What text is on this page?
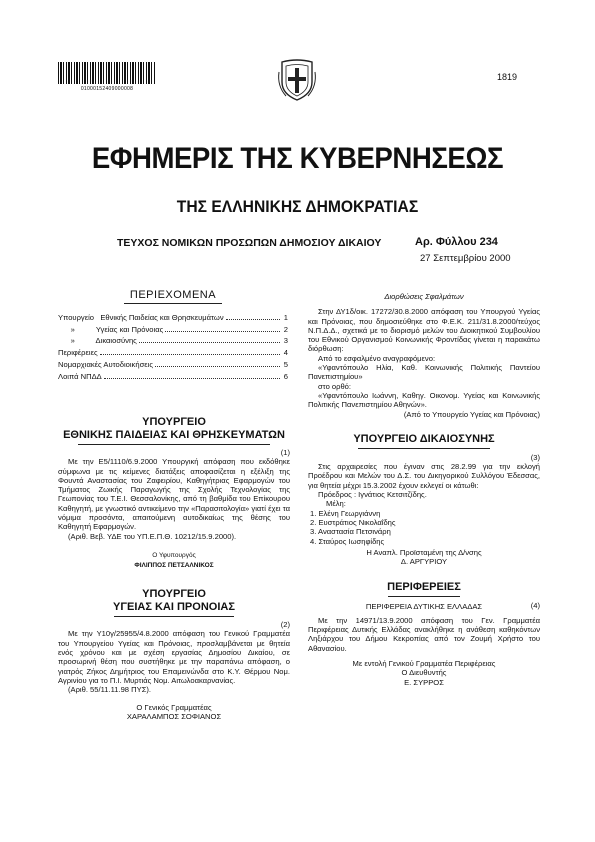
01000152409000008
1819
ΕΦΗΜΕΡΙΣ ΤΗΣ ΚΥΒΕΡΝΗΣΕΩΣ
ΤΗΣ ΕΛΛΗΝΙΚΗΣ ΔΗΜΟΚΡΑΤΙΑΣ
ΤΕΥΧΟΣ ΝΟΜΙΚΩΝ ΠΡΟΣΩΠΩΝ ΔΗΜΟΣΙΟΥ ΔΙΚΑΙΟΥ	Αρ. Φύλλου 234
27 Σεπτεμβρίου 2000
ΠΕΡΙΕΧΟΜΕΝΑ
Υπουργείο   Εθνικής Παιδείας και Θρησκευμάτων	1
»          Υγείας και Πρόνοιας	2
»          Δικαιοσύνης	3
Περιφέρειες	4
Νομαρχιακές Αυτοδιοικήσεις	5
Λοιπά ΝΠΔΔ	6
ΥΠΟΥΡΓΕΙΟ
ΕΘΝΙΚΗΣ ΠΑΙΔΕΙΑΣ ΚΑΙ ΘΡΗΣΚΕΥΜΑΤΩΝ
(1)

Με την Ε5/1110/6.9.2000 Υπουργική απόφαση που εκδόθηκε σύμφωνα με τις κείμενες διατάξεις αποφασίζεται η εξέλιξη της Φουντά Αναστασίας του Ζαφειρίου, Καθηγήτριας Εφαρμογών του Τμήματος Ζωικής Παραγωγής της Σχολής Τεχνολογίας της Γεωπονίας του Τ.Ε.Ι. Θεσσαλονίκης, από τη βαθμίδα του Επίκουρου Καθηγητή, με γνωστικό αντικείμενο την «Παρασιτολογία» γιατί έχει τα νόμιμα προσόντα, απαιτούμενη αυτοδικαίως της θέσης του Καθηγητή Εφαρμογών.

(Αριθ. Βεβ. ΥΔΕ του ΥΠ.Ε.Π.Θ. 10212/15.9.2000).

Ο Υφυπουργός
ΦΙΛΙΠΠΟΣ ΠΕΤΣΑΛΝΙΚΟΣ
ΥΠΟΥΡΓΕΙΟ
ΥΓΕΙΑΣ ΚΑΙ ΠΡΟΝΟΙΑΣ
(2)

Με την Υ10γ/25955/4.8.2000 απόφαση του Γενικού Γραμματέα του Υπουργείου Υγείας και Πρόνοιας, προσλαμβάνεται με θητεία ενός χρόνου και με σχέση εργασίας Δημοσίου Δικαίου, σε προσωρινή θέση που συστήθηκε με την παραπάνω απόφαση, ο γιατρός Ζήκος Δημήτριος του Επαμεινώνδα στο Κ.Υ. Θέρμου Νομ. Αγρινίου για το Π.Ι. Μυρτιάς Νομ. Αιτωλοακαρνανίας.

(Αριθ. 55/11.11.98 ΠΥΣ).

Ο Γενικός Γραμματέας
ΧΑΡΑΛΑΜΠΟΣ ΣΟΦΙΑΝΟΣ
Διορθώσεις Σφαλμάτων

Στην ΔΥ1δ/οικ. 17272/30.8.2000 απόφαση του Υπουργού Υγείας και Πρόνοιας, που δημοσιεύθηκε στο Φ.Ε.Κ. 211/31.8.2000/τεύχος Ν.Π.Δ.Δ., σχετικά με το διορισμό μελών του Διοικητικού Συμβουλίου του Εθνικού Οργανισμού Κοινωνικής Φροντίδας γίνεται η παρακάτω διόρθωση:

Από το εσφαλμένο αναγραφόμενο:

«Υφαντόπουλο Ηλία, Καθ. Κοινωνικής Πολιτικής Παντείου Πανεπιστημίου»

στο ορθό:

«Υφαντόπουλο Ιωάννη, Καθηγ. Οικονομ. Υγείας και Κοινωνικής Πολιτικής Πανεπιστημίου Αθηνών».

(Από το Υπουργείο Υγείας και Πρόνοιας)
ΥΠΟΥΡΓΕΙΟ ΔΙΚΑΙΟΣΥΝΗΣ
(3)

Στις αρχαιρεσίες που έγιναν στις 28.2.99 για την εκλογή Προέδρου και Μελών του Δ.Σ. του Δικηγορικού Συλλόγου Έδεσσας, για θητεία μέχρι 15.3.2002 έχουν εκλεγεί οι κάτωθι:

Πρόεδρος : Ιγνάτιος Κετσιτζίδης.
Μέλη:
1. Ελένη Γεωργιάννη
2. Ευστράτιος Νικολαΐδης
3. Αναστασία Πετσινάρη
4. Σταύρος Ιωσηφίδης
Η Αναπλ. Προϊσταμένη της Δ/νσης
Δ. ΑΡΓΥΡΙΟΥ
ΠΕΡΙΦΕΡΕΙΕΣ
(4)
ΠΕΡΙΦΕΡΕΙΑ ΔΥΤΙΚΗΣ ΕΛΛΑΔΑΣ

Με την 14971/13.9.2000 απόφαση του Γεν. Γραμματέα Περιφέρειας Δυτικής Ελλάδας ανακλήθηκε η ανάθεση καθηκόντων Ληξιάρχου του Δήμου Κεκροπίας από τον Ζουμή Χρήστο του Αθανασίου.

Με εντολή Γενικού Γραμματέα Περιφέρειας
Ο Διευθυντής
Ε. ΣΥΡΡΟΣ
